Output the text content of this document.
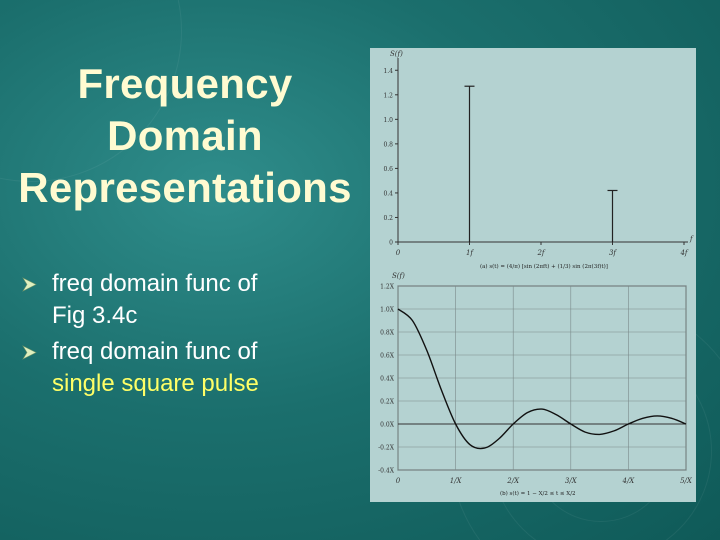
Frequency
Domain
Representations
freq domain func of
Fig 3.4c
freq domain func of
single square pulse
S(f)
f
0
0.2
0.4
0.6
0.8
1.0
1.2
1.4
0	1f	2f	3f	4f
(a) s(t) = (4/π) [sin (2πft) + (1/3) sin (2π(3f)t)]
-0.4X
-0.2X
0.0X
0.2X
0.4X
0.6X
0.8X
1.0X
1.2X
0	1/X	2/X	3/X	4/X	5/X
S(f)
(b) s(t) = 1 − X/2 ≤ t ≤ X/2
